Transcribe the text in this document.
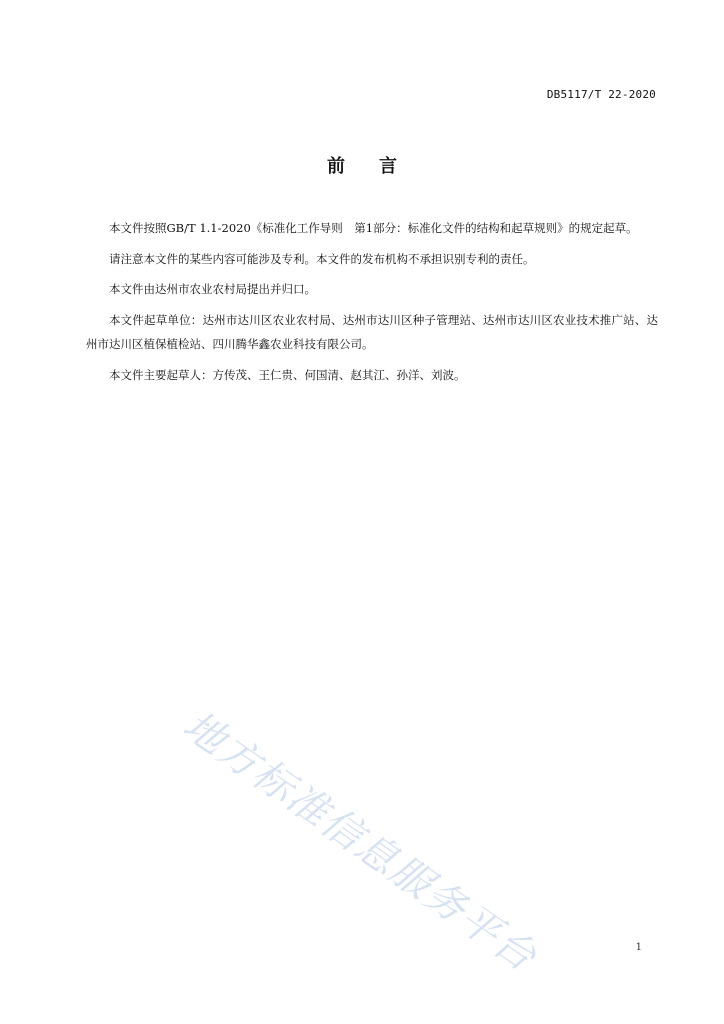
DB5117/T 22-2020
前言

本文件按照GB/T 1.1-2020《标准化工作导则　第1部分：标准化文件的结构和起草规则》的规定起草。

请注意本文件的某些内容可能涉及专利。本文件的发布机构不承担识别专利的责任。

本文件由达州市农业农村局提出并归口。

本文件起草单位：达州市达川区农业农村局、达州市达川区种子管理站、达州市达川区农业技术推广站、达州市达川区植保植检站、四川腾华鑫农业科技有限公司。

本文件主要起草人：方传茂、王仁贵、何国清、赵其江、孙洋、刘波。

地方标准信息服务平台	1
